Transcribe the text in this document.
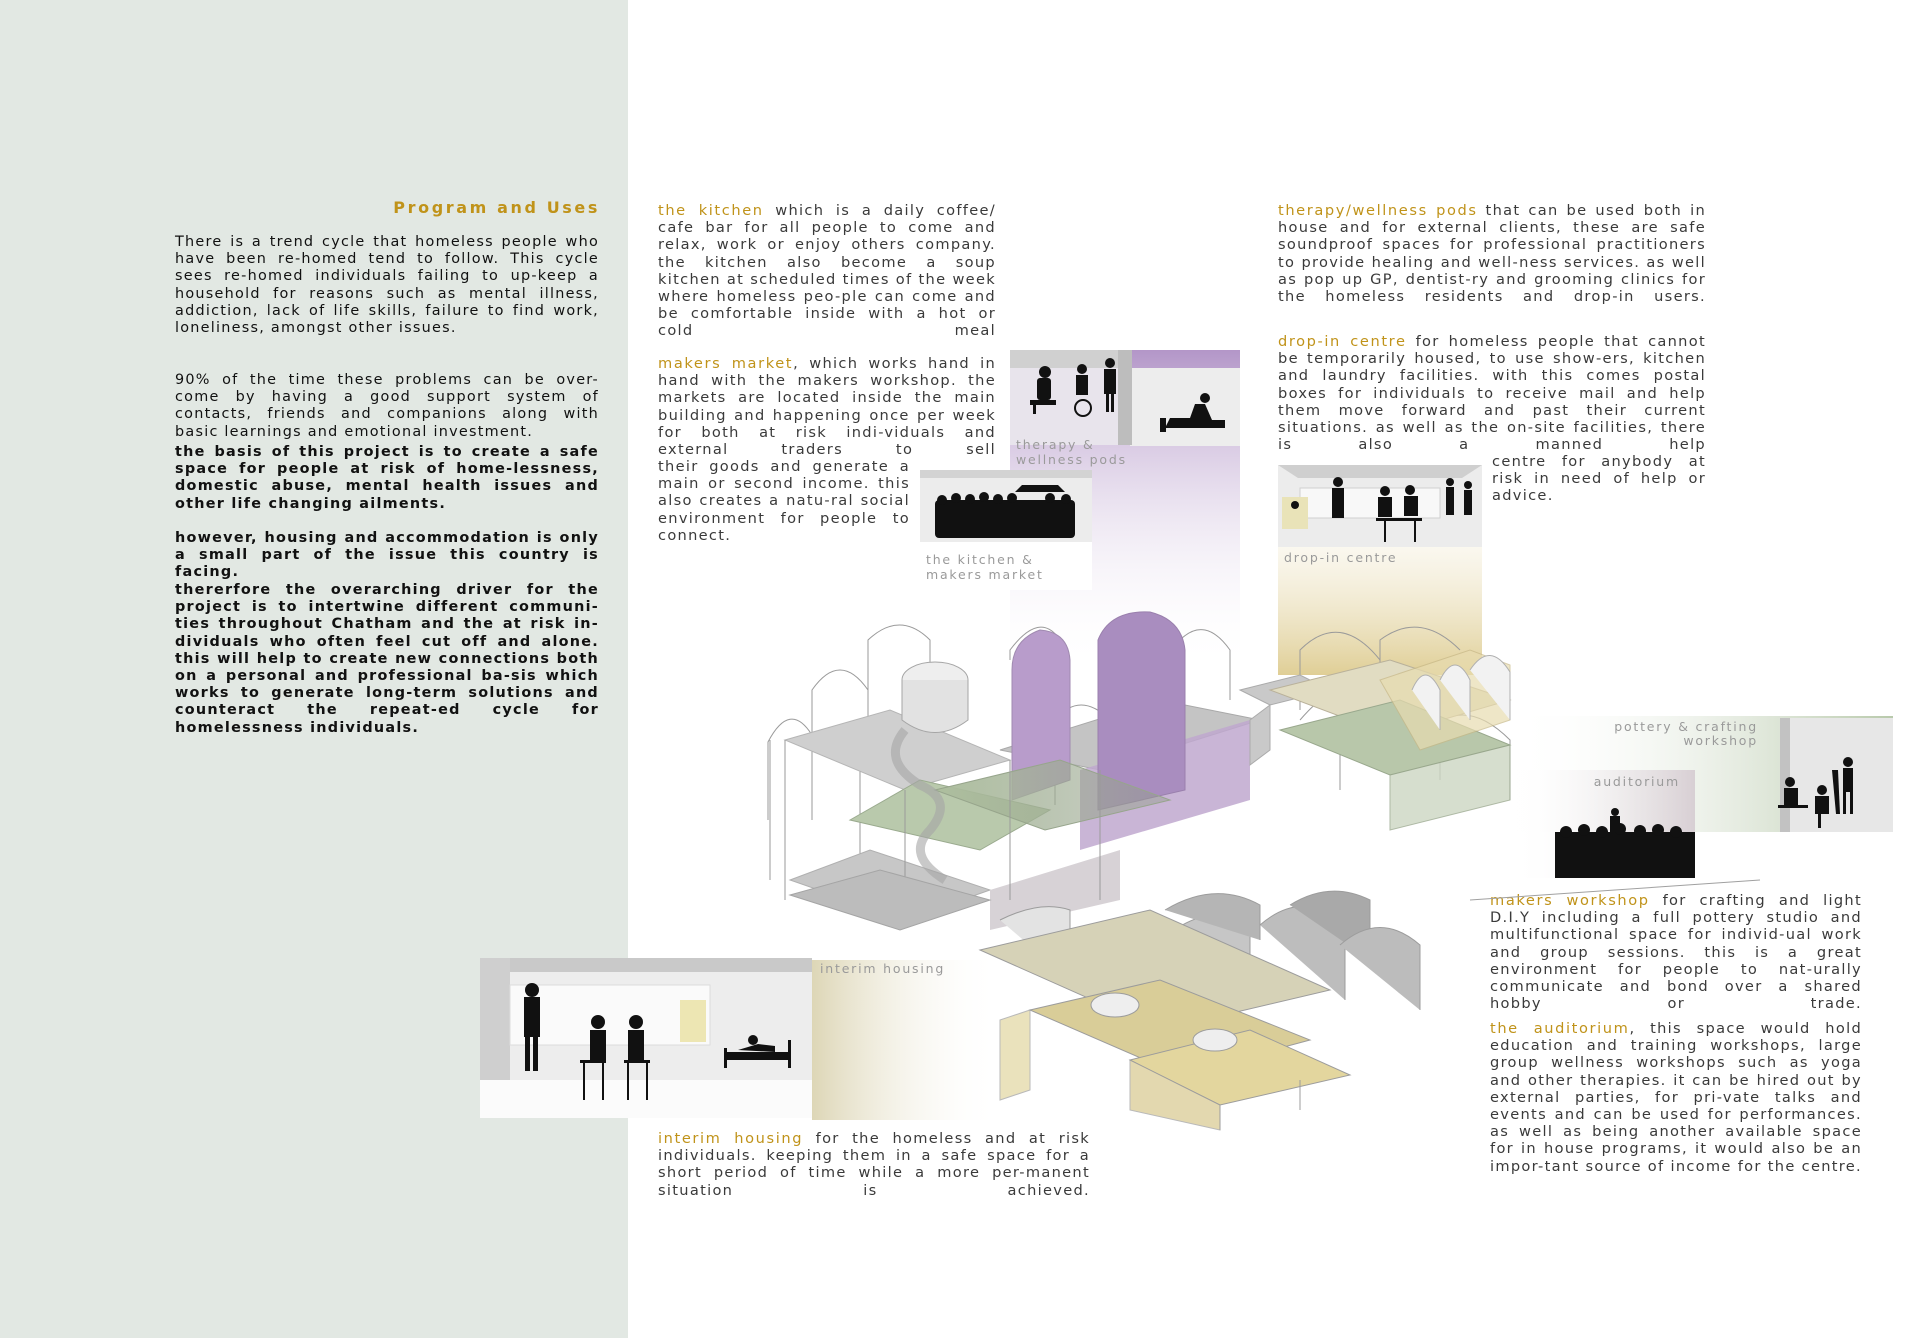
Program and Uses

There is a trend cycle that homeless people who have been re-homed tend to follow. This cycle sees re-homed individuals failing to up-keep a household for reasons such as mental illness, addiction, lack of life skills, failure to find work, loneliness, amongst other issues.

90% of the time these problems can be over-come by having a good support system of contacts, friends and companions along with basic learnings and emotional investment.

the basis of this project is to create a safe space for people at risk of home-lessness, domestic abuse, mental health issues and other life changing ailments.

however, housing and accommodation is only a small part of the issue this country is facing.

thererfore the overarching driver for the project is to intertwine different communi-ties throughout Chatham and the at risk in-dividuals who often feel cut off and alone. this will help to create new connections both on a personal and professional ba-sis which works to generate long-term solutions and counteract the repeat-ed cycle for homelessness individuals.

the kitchen which is a daily coffee/ cafe bar for all people to come and relax, work or enjoy others company. the kitchen also become a soup kitchen at scheduled times of the week where homeless peo-ple can come and be comfortable inside with a hot or cold meal

makers market, which works hand in hand with the makers workshop. the markets are located inside the main building and happening once per week for both at risk indi-viduals and external traders to sell

their goods and generate a main or second income. this also creates a natu-ral social environment for people to connect.

therapy/wellness pods that can be used both in house and for external clients, these are safe soundproof spaces for professional practitioners to provide healing and well-ness services. as well as pop up GP, dentist-ry and grooming clinics for the homeless residents and drop-in users.

drop-in centre for homeless people that cannot be temporarily housed, to use show-ers, kitchen and laundry facilities. with this comes postal boxes for individuals to receive mail and help them move forward and past their current situations. as well as the on-site facilities, there is also a manned help

centre for anybody at risk in need of help or advice.

makers workshop for crafting and light D.I.Y including a full pottery studio and multifunctional space for individ-ual work and group sessions. this is a great environment for people to nat-urally communicate and bond over a shared hobby or trade.

the auditorium, this space would hold education and training workshops, large group wellness workshops such as yoga and other therapies. it can be hired out by external parties, for pri-vate talks and events and can be used for performances. as well as being another available space for in house programs, it would also be an impor-tant source of income for the centre.

interim housing for the homeless and at risk individuals. keeping them in a safe space for a short period of time while a more per-manent situation is achieved.

therapy &
wellness pods
the kitchen &
makers market
drop-in centre
pottery & crafting
workshop
auditorium
interim housing
